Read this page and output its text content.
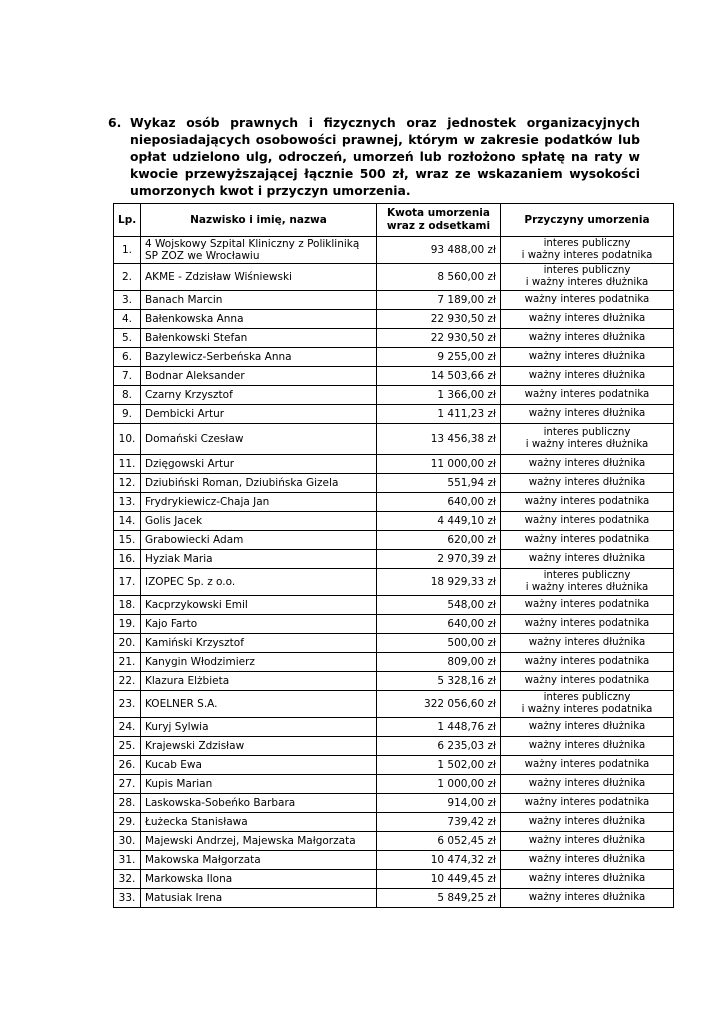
6. Wykaz osób prawnych i fizycznych oraz jednostek organizacyjnych nieposiadających osobowości prawnej, którym w zakresie podatków lub opłat udzielono ulg, odroczeń, umorzeń lub rozłożono spłatę na raty w kwocie przewyższającej łącznie 500 zł, wraz ze wskazaniem wysokości umorzonych kwot i przyczyn umorzenia.
Lp.	Nazwisko i imię, nazwa	Kwota umorzenia
wraz z odsetkami	Przyczyny umorzenia
1.	4 Wojskowy Szpital Kliniczny z Polikliniką
SP ZOZ we Wrocławiu	93 488,00 zł	interes publiczny
i ważny interes podatnika
2.	AKME - Zdzisław Wiśniewski	8 560,00 zł	interes publiczny
i ważny interes dłużnika
3.	Banach Marcin	7 189,00 zł	ważny interes podatnika
4.	Bałenkowska Anna	22 930,50 zł	ważny interes dłużnika
5.	Bałenkowski Stefan	22 930,50 zł	ważny interes dłużnika
6.	Bazylewicz-Serbeńska Anna	9 255,00 zł	ważny interes dłużnika
7.	Bodnar Aleksander	14 503,66 zł	ważny interes dłużnika
8.	Czarny Krzysztof	1 366,00 zł	ważny interes podatnika
9.	Dembicki Artur	1 411,23 zł	ważny interes dłużnika
10.	Domański Czesław	13 456,38 zł	interes publiczny
i ważny interes dłużnika
11.	Dzięgowski Artur	11 000,00 zł	ważny interes dłużnika
12.	Dziubiński Roman, Dziubińska Gizela	551,94 zł	ważny interes dłużnika
13.	Frydrykiewicz-Chaja Jan	640,00 zł	ważny interes podatnika
14.	Golis Jacek	4 449,10 zł	ważny interes podatnika
15.	Grabowiecki Adam	620,00 zł	ważny interes podatnika
16.	Hyziak Maria	2 970,39 zł	ważny interes dłużnika
17.	IZOPEC Sp. z o.o.	18 929,33 zł	interes publiczny
i ważny interes dłużnika
18.	Kacprzykowski Emil	548,00 zł	ważny interes podatnika
19.	Kajo Farto	640,00 zł	ważny interes podatnika
20.	Kamiński Krzysztof	500,00 zł	ważny interes dłużnika
21.	Kanygin Włodzimierz	809,00 zł	ważny interes podatnika
22.	Klazura Elżbieta	5 328,16 zł	ważny interes podatnika
23.	KOELNER S.A.	322 056,60 zł	interes publiczny
i ważny interes podatnika
24.	Kuryj Sylwia	1 448,76 zł	ważny interes dłużnika
25.	Krajewski Zdzisław	6 235,03 zł	ważny interes dłużnika
26.	Kucab Ewa	1 502,00 zł	ważny interes podatnika
27.	Kupis Marian	1 000,00 zł	ważny interes dłużnika
28.	Laskowska-Sobeńko Barbara	914,00 zł	ważny interes podatnika
29.	Łużecka Stanisława	739,42 zł	ważny interes dłużnika
30.	Majewski Andrzej, Majewska Małgorzata	6 052,45 zł	ważny interes dłużnika
31.	Makowska Małgorzata	10 474,32 zł	ważny interes dłużnika
32.	Markowska Ilona	10 449,45 zł	ważny interes dłużnika
33.	Matusiak Irena	5 849,25 zł	ważny interes dłużnika
